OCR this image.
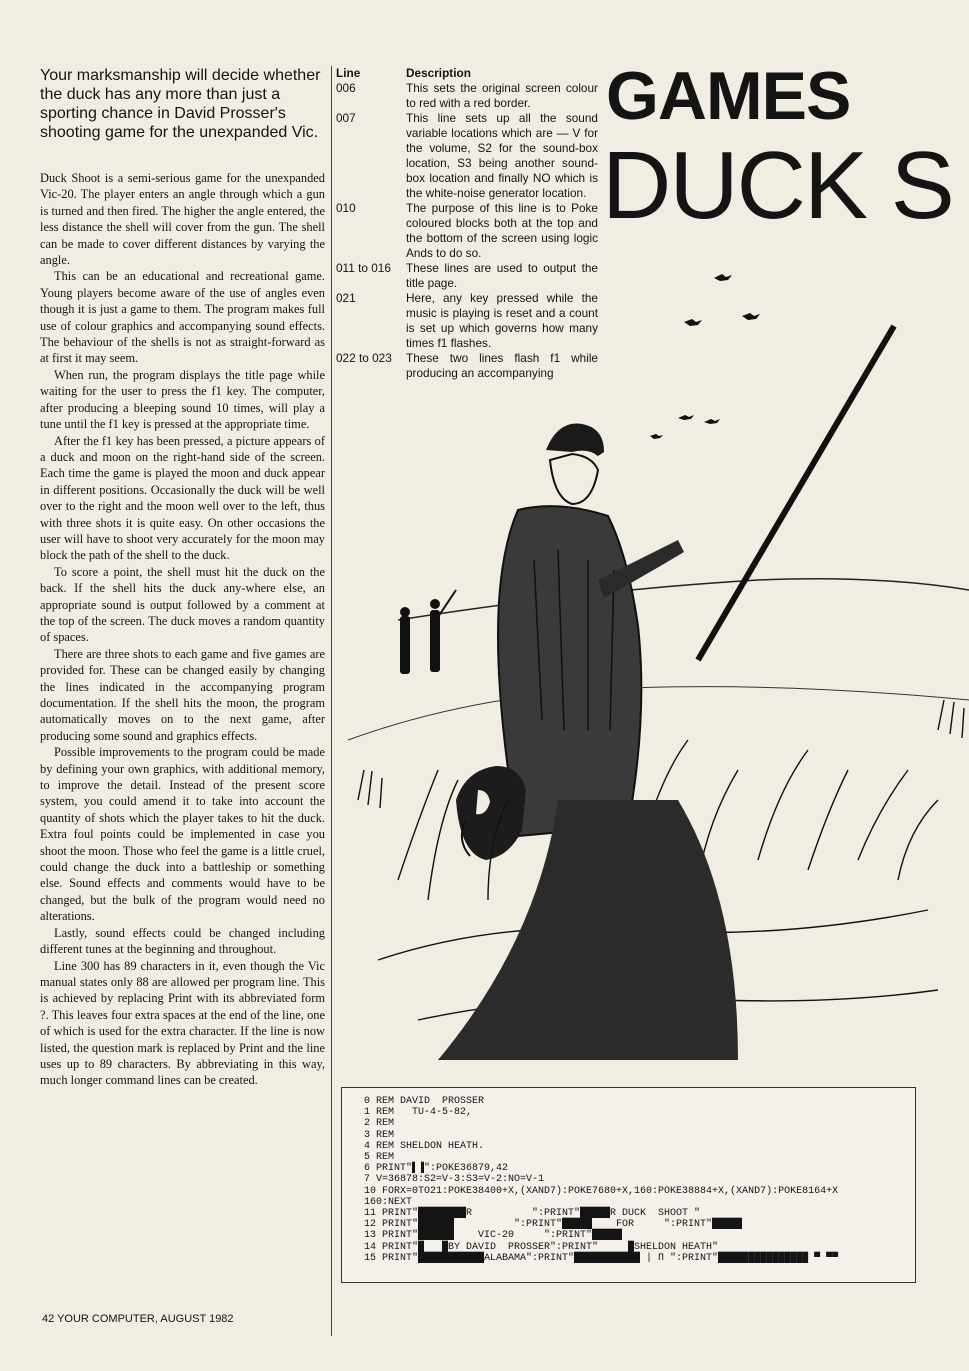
Your marksmanship will decide whether the duck has any more than just a sporting chance in David Prosser's shooting game for the unexpanded Vic.

Duck Shoot is a semi-serious game for the unexpanded Vic-20. The player enters an angle through which a gun is turned and then fired. The higher the angle entered, the less distance the shell will cover from the gun. The shell can be made to cover different distances by varying the angle.

This can be an educational and recreational game. Young players become aware of the use of angles even though it is just a game to them. The program makes full use of colour graphics and accompanying sound effects. The behaviour of the shells is not as straight-forward as at first it may seem.

When run, the program displays the title page while waiting for the user to press the f1 key. The computer, after producing a bleeping sound 10 times, will play a tune until the f1 key is pressed at the appropriate time.

After the f1 key has been pressed, a picture appears of a duck and moon on the right-hand side of the screen. Each time the game is played the moon and duck appear in different positions. Occasionally the duck will be well over to the right and the moon well over to the left, thus with three shots it is quite easy. On other occasions the user will have to shoot very accurately for the moon may block the path of the shell to the duck.

To score a point, the shell must hit the duck on the back. If the shell hits the duck any-where else, an appropriate sound is output followed by a comment at the top of the screen. The duck moves a random quantity of spaces.

There are three shots to each game and five games are provided for. These can be changed easily by changing the lines indicated in the accompanying program documentation. If the shell hits the moon, the program automatically moves on to the next game, after producing some sound and graphics effects.

Possible improvements to the program could be made by defining your own graphics, with additional memory, to improve the detail. Instead of the present score system, you could amend it to take into account the quantity of shots which the player takes to hit the duck. Extra foul points could be implemented in case you shoot the moon. Those who feel the game is a little cruel, could change the duck into a battleship or something else. Sound effects and comments would have to be changed, but the bulk of the program would need no alterations.

Lastly, sound effects could be changed including different tunes at the beginning and throughout.

Line 300 has 89 characters in it, even though the Vic manual states only 88 are allowed per program line. This is achieved by replacing Print with its abbreviated form ?. This leaves four extra spaces at the end of the line, one of which is used for the extra character. If the line is now listed, the question mark is replaced by Print and the line uses up to 89 characters. By abbreviating in this way, much longer command lines can be created.

Line	Description
006	This sets the original screen colour to red with a red border.
007	This line sets up all the sound variable locations which are — V for the volume, S2 for the sound-box location, S3 being another sound-box location and finally NO which is the white-noise generator location.
010	The purpose of this line is to Poke coloured blocks both at the top and the bottom of the screen using logic Ands to do so.
011 to 016	These lines are used to output the title page.
021	Here, any key pressed while the music is playing is reset and a count is set up which governs how many times f1 flashes.
022 to 023	These two lines flash f1 while producing an accompanying
GAMES
DUCK S
0 REM DAVID  PROSSER
1 REM   TU-4-5-82,
2 REM
3 REM
4 REM SHELDON HEATH.
5 REM
6 PRINT"▌▐":POKE36879,42
7 V=36878:S2=V-3:S3=V-2:NO=V-1
10 FORX=0TO21:POKE38400+X,(XAND7):POKE7680+X,160:POKE38884+X,(XAND7):POKE8164+X
160:NEXT
11 PRINT"████████R          ":PRINT"█████R DUCK  SHOOT "
12 PRINT"██████          ":PRINT"█████    FOR     ":PRINT"█████
13 PRINT"██████    VIC-20     ":PRINT"█████
14 PRINT"█   █BY DAVID  PROSSER":PRINT"     █SHELDON HEATH"
15 PRINT"███████████ALABAMA":PRINT"███████████ | Π ":PRINT"███████████████ ▀ ▀▀
42 YOUR COMPUTER, AUGUST 1982
